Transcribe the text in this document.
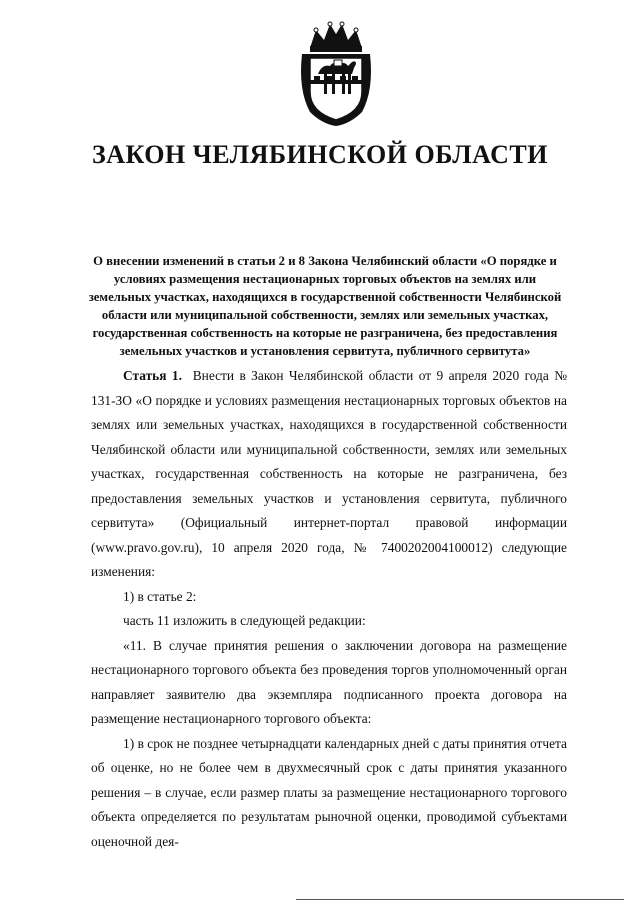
ЗАКОН ЧЕЛЯБИНСКОЙ ОБЛАСТИ
О внесении изменений в статьи 2 и 8 Закона Челябинский области «О порядке и условиях размещения нестационарных торговых объектов на землях или земельных участках, находящихся в государственной собственности Челябинской области или муниципальной собственности, землях или земельных участках, государственная собственность на которые не разграничена, без предоставления земельных участков и установления сервитута, публичного сервитута»

Статья 1. Внести в Закон Челябинской области от 9 апреля 2020 года № 131-ЗО «О порядке и условиях размещения нестационарных торговых объектов на землях или земельных участках, находящихся в государственной собственности Челябинской области или муниципальной собственности, землях или земельных участках, государственная собственность на которые не разграничена, без предоставления земельных участков и установления сервитута, публичного сервитута» (Официальный интернет-портал правовой информации (www.pravo.gov.ru), 10 апреля 2020 года, № 7400202004100012) следующие изменения:

1) в статье 2:

часть 11 изложить в следующей редакции:

«11. В случае принятия решения о заключении договора на размещение нестационарного торгового объекта без проведения торгов уполномоченный орган направляет заявителю два экземпляра подписанного проекта договора на размещение нестационарного торгового объекта:

1) в срок не позднее четырнадцати календарных дней с даты принятия отчета об оценке, но не более чем в двухмесячный срок с даты принятия указанного решения – в случае, если размер платы за размещение нестационарного торгового объекта определяется по результатам рыночной оценки, проводимой субъектами оценочной дея-
